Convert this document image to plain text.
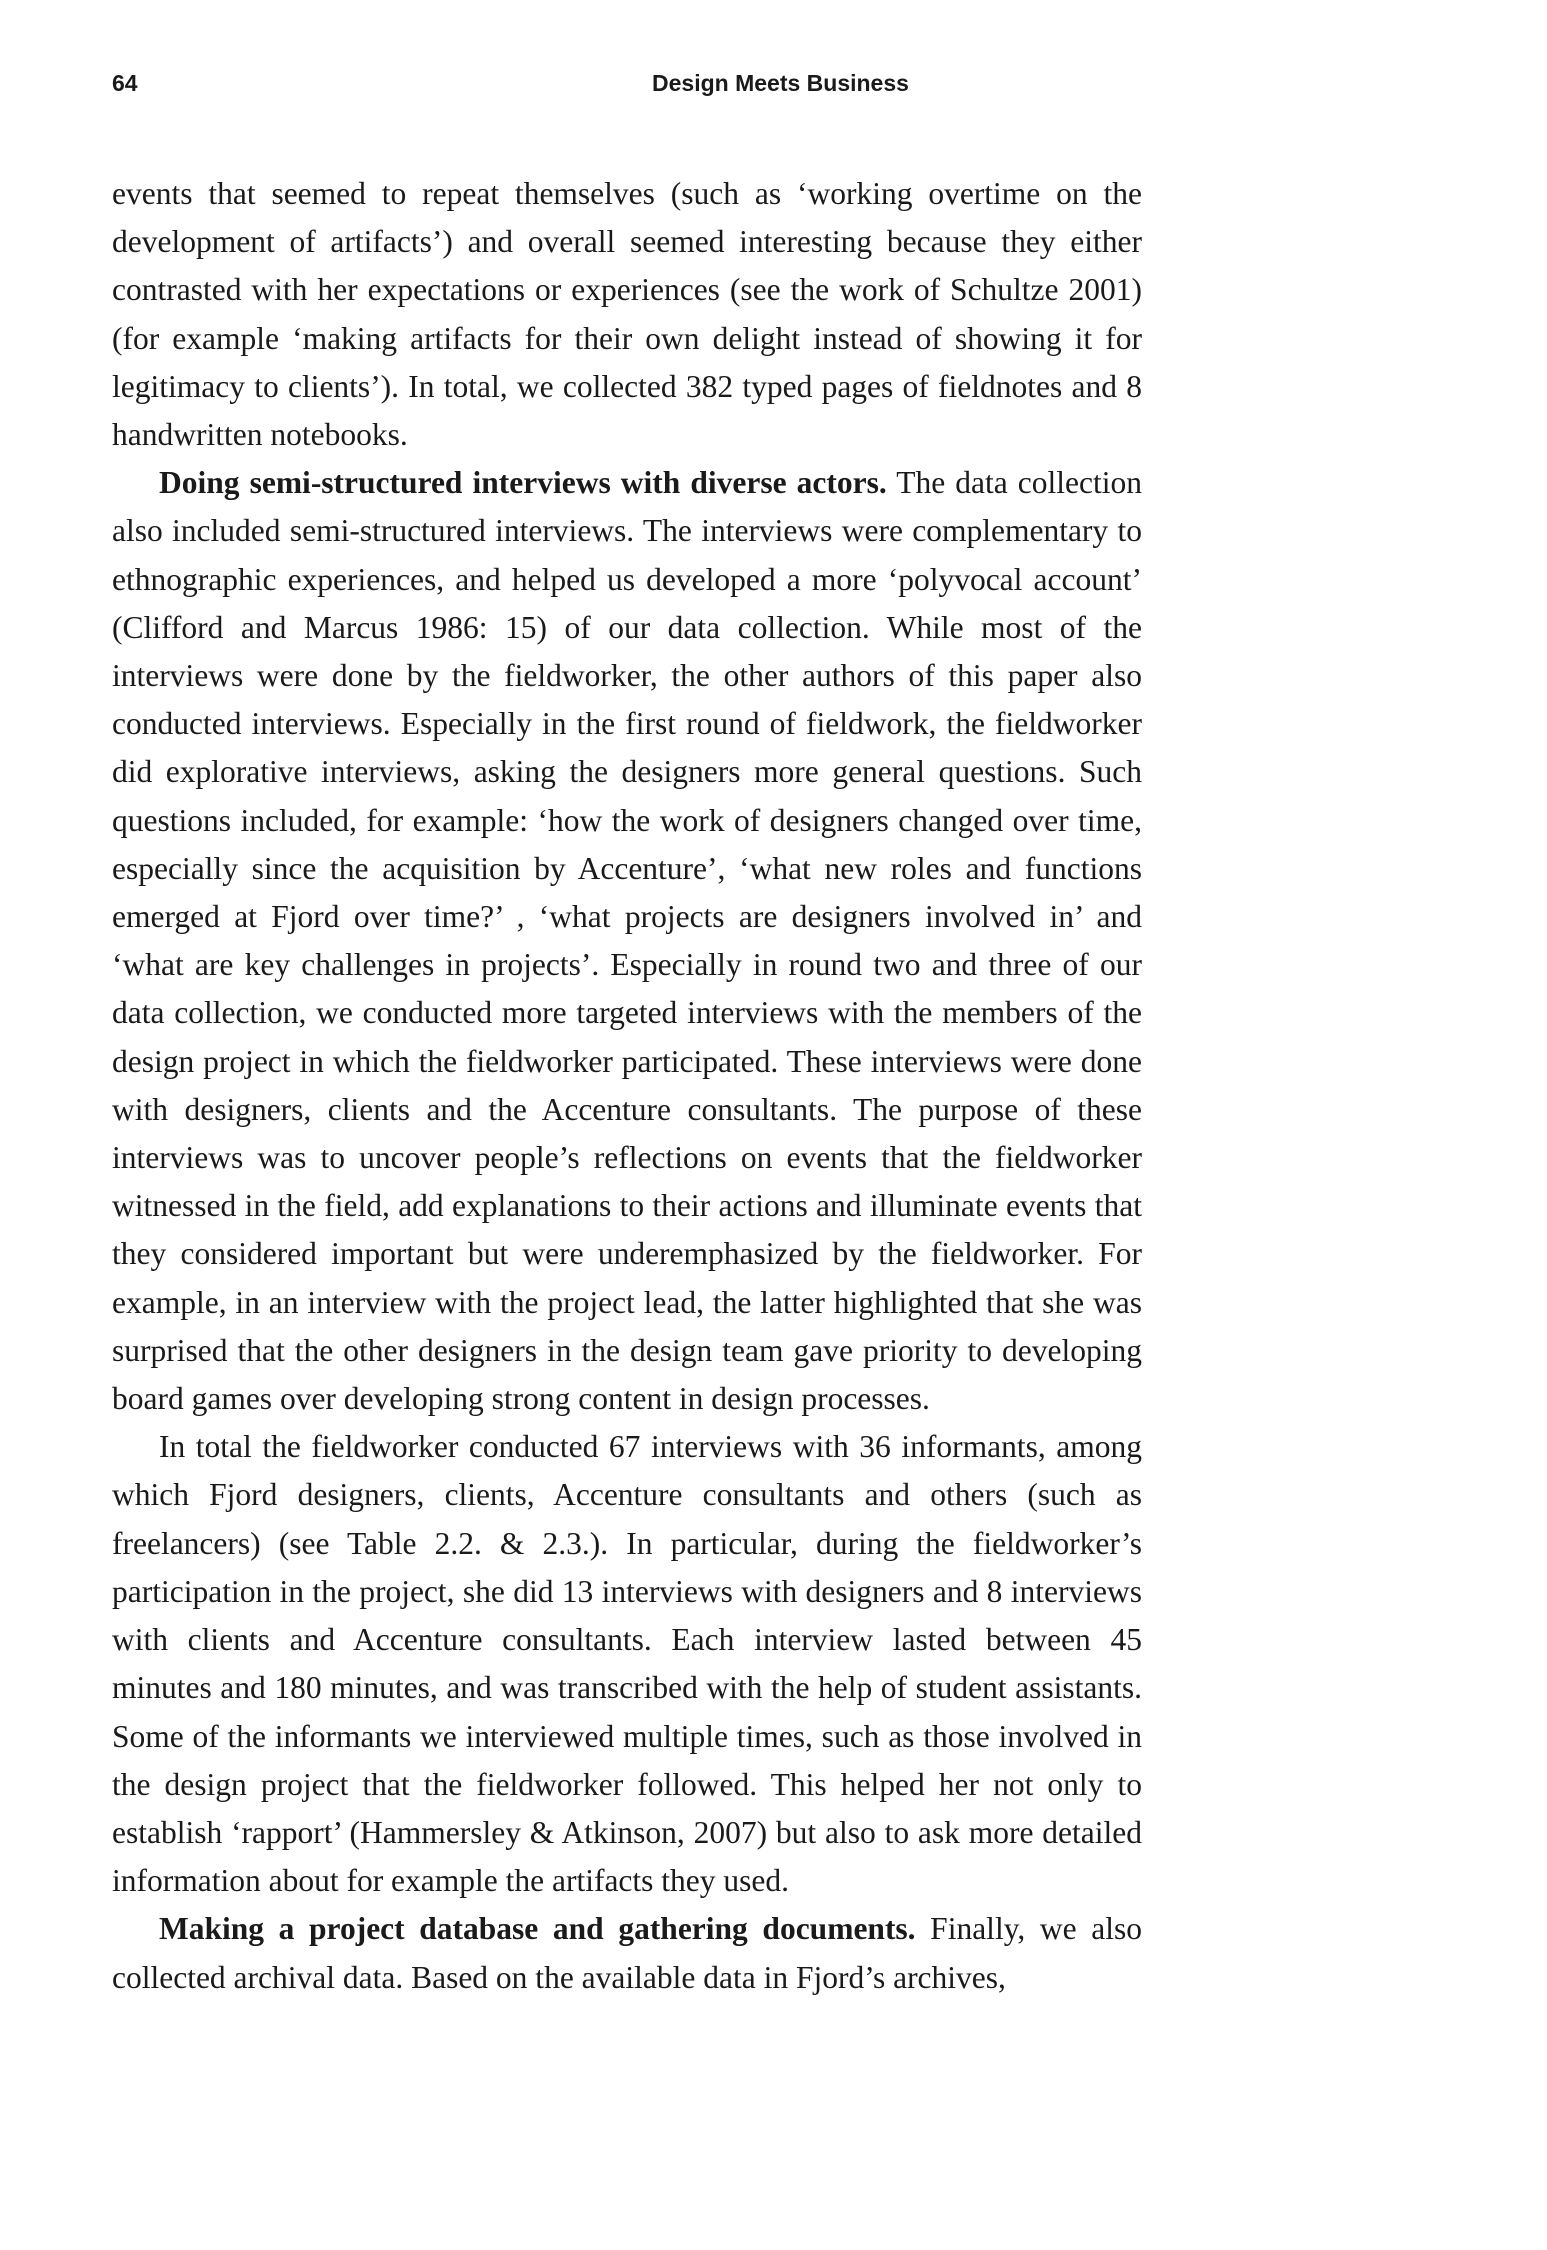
64	Design Meets Business

events that seemed to repeat themselves (such as ‘working overtime on the development of artifacts’) and overall seemed interesting because they either contrasted with her expectations or experiences (see the work of Schultze 2001) (for example ‘making artifacts for their own delight instead of showing it for legitimacy to clients’). In total, we collected 382 typed pages of fieldnotes and 8 handwritten notebooks.

Doing semi-structured interviews with diverse actors. The data collection also included semi-structured interviews. The interviews were complementary to ethnographic experiences, and helped us developed a more ‘polyvocal account’ (Clifford and Marcus 1986: 15) of our data collection. While most of the interviews were done by the fieldworker, the other authors of this paper also conducted interviews. Especially in the first round of fieldwork, the fieldworker did explorative interviews, asking the designers more general questions. Such questions included, for example: ‘how the work of designers changed over time, especially since the acquisition by Accenture’, ‘what new roles and functions emerged at Fjord over time?’ , ‘what projects are designers involved in’ and ‘what are key challenges in projects’. Especially in round two and three of our data collection, we conducted more targeted interviews with the members of the design project in which the fieldworker participated. These interviews were done with designers, clients and the Accenture consultants. The purpose of these interviews was to uncover people’s reflections on events that the fieldworker witnessed in the field, add explanations to their actions and illuminate events that they considered important but were underemphasized by the fieldworker. For example, in an interview with the project lead, the latter highlighted that she was surprised that the other designers in the design team gave priority to developing board games over developing strong content in design processes.

In total the fieldworker conducted 67 interviews with 36 informants, among which Fjord designers, clients, Accenture consultants and others (such as freelancers) (see Table 2.2. & 2.3.). In particular, during the fieldworker’s participation in the project, she did 13 interviews with designers and 8 interviews with clients and Accenture consultants. Each interview lasted between 45 minutes and 180 minutes, and was transcribed with the help of student assistants. Some of the informants we interviewed multiple times, such as those involved in the design project that the fieldworker followed. This helped her not only to establish ‘rapport’ (Hammersley & Atkinson, 2007) but also to ask more detailed information about for example the artifacts they used.

Making a project database and gathering documents. Finally, we also collected archival data. Based on the available data in Fjord’s archives,
